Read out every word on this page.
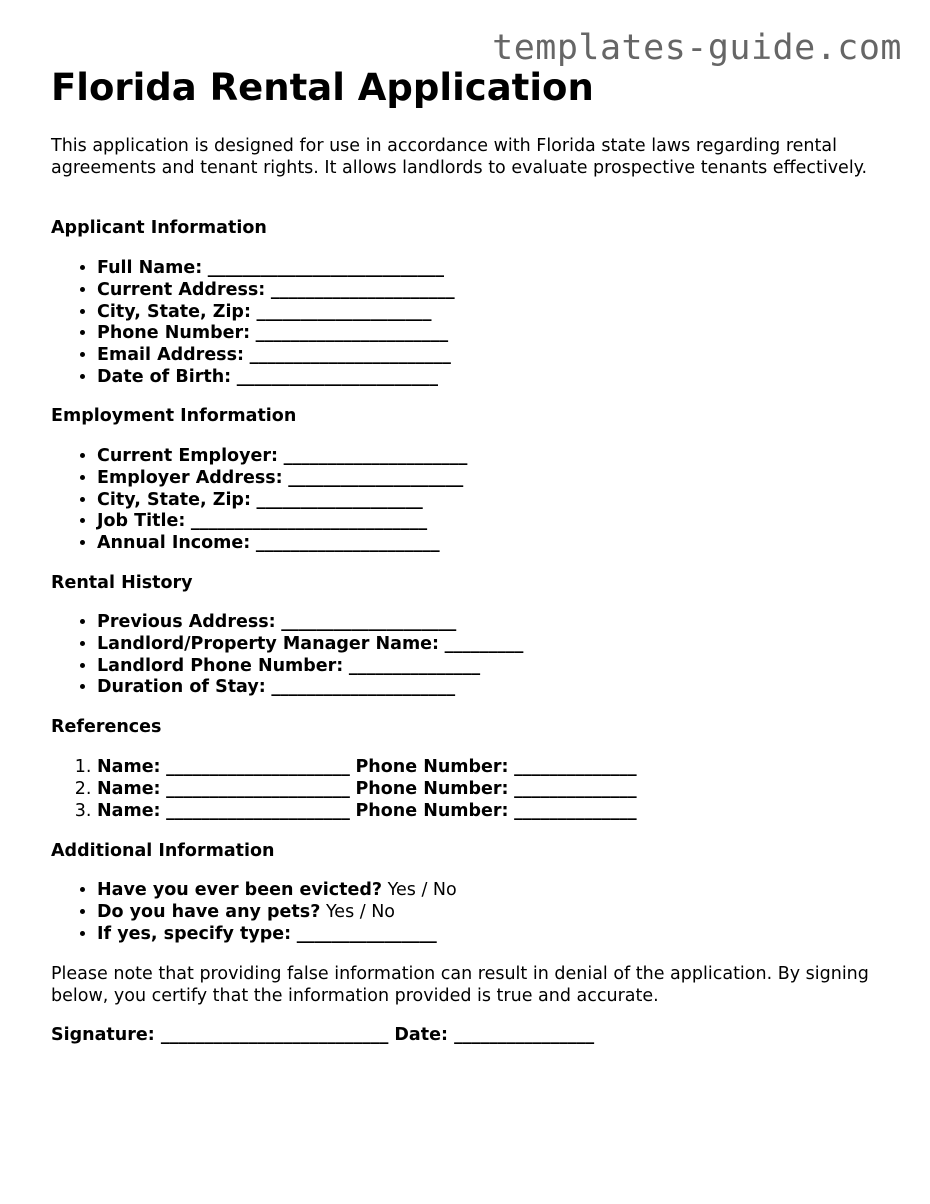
templates-guide.com
Florida Rental Application

This application is designed for use in accordance with Florida state laws regarding rental agreements and tenant rights. It allows landlords to evaluate prospective tenants effectively.

Applicant Information
• Full Name: ___________________________
• Current Address: _____________________
• City, State, Zip: ____________________
• Phone Number: ______________________
• Email Address: _______________________
• Date of Birth: _______________________
Employment Information
• Current Employer: _____________________
• Employer Address: ____________________
• City, State, Zip: ___________________
• Job Title: ___________________________
• Annual Income: _____________________
Rental History
• Previous Address: ____________________
• Landlord/Property Manager Name: _________
• Landlord Phone Number: _______________
• Duration of Stay: _____________________
References
1. Name: _____________________ Phone Number: ______________
2. Name: _____________________ Phone Number: ______________
3. Name: _____________________ Phone Number: ______________
Additional Information
• Have you ever been evicted? Yes / No
• Do you have any pets? Yes / No
• If yes, specify type: ________________

Please note that providing false information can result in denial of the application. By signing below, you certify that the information provided is true and accurate.

Signature: __________________________ Date: ________________
